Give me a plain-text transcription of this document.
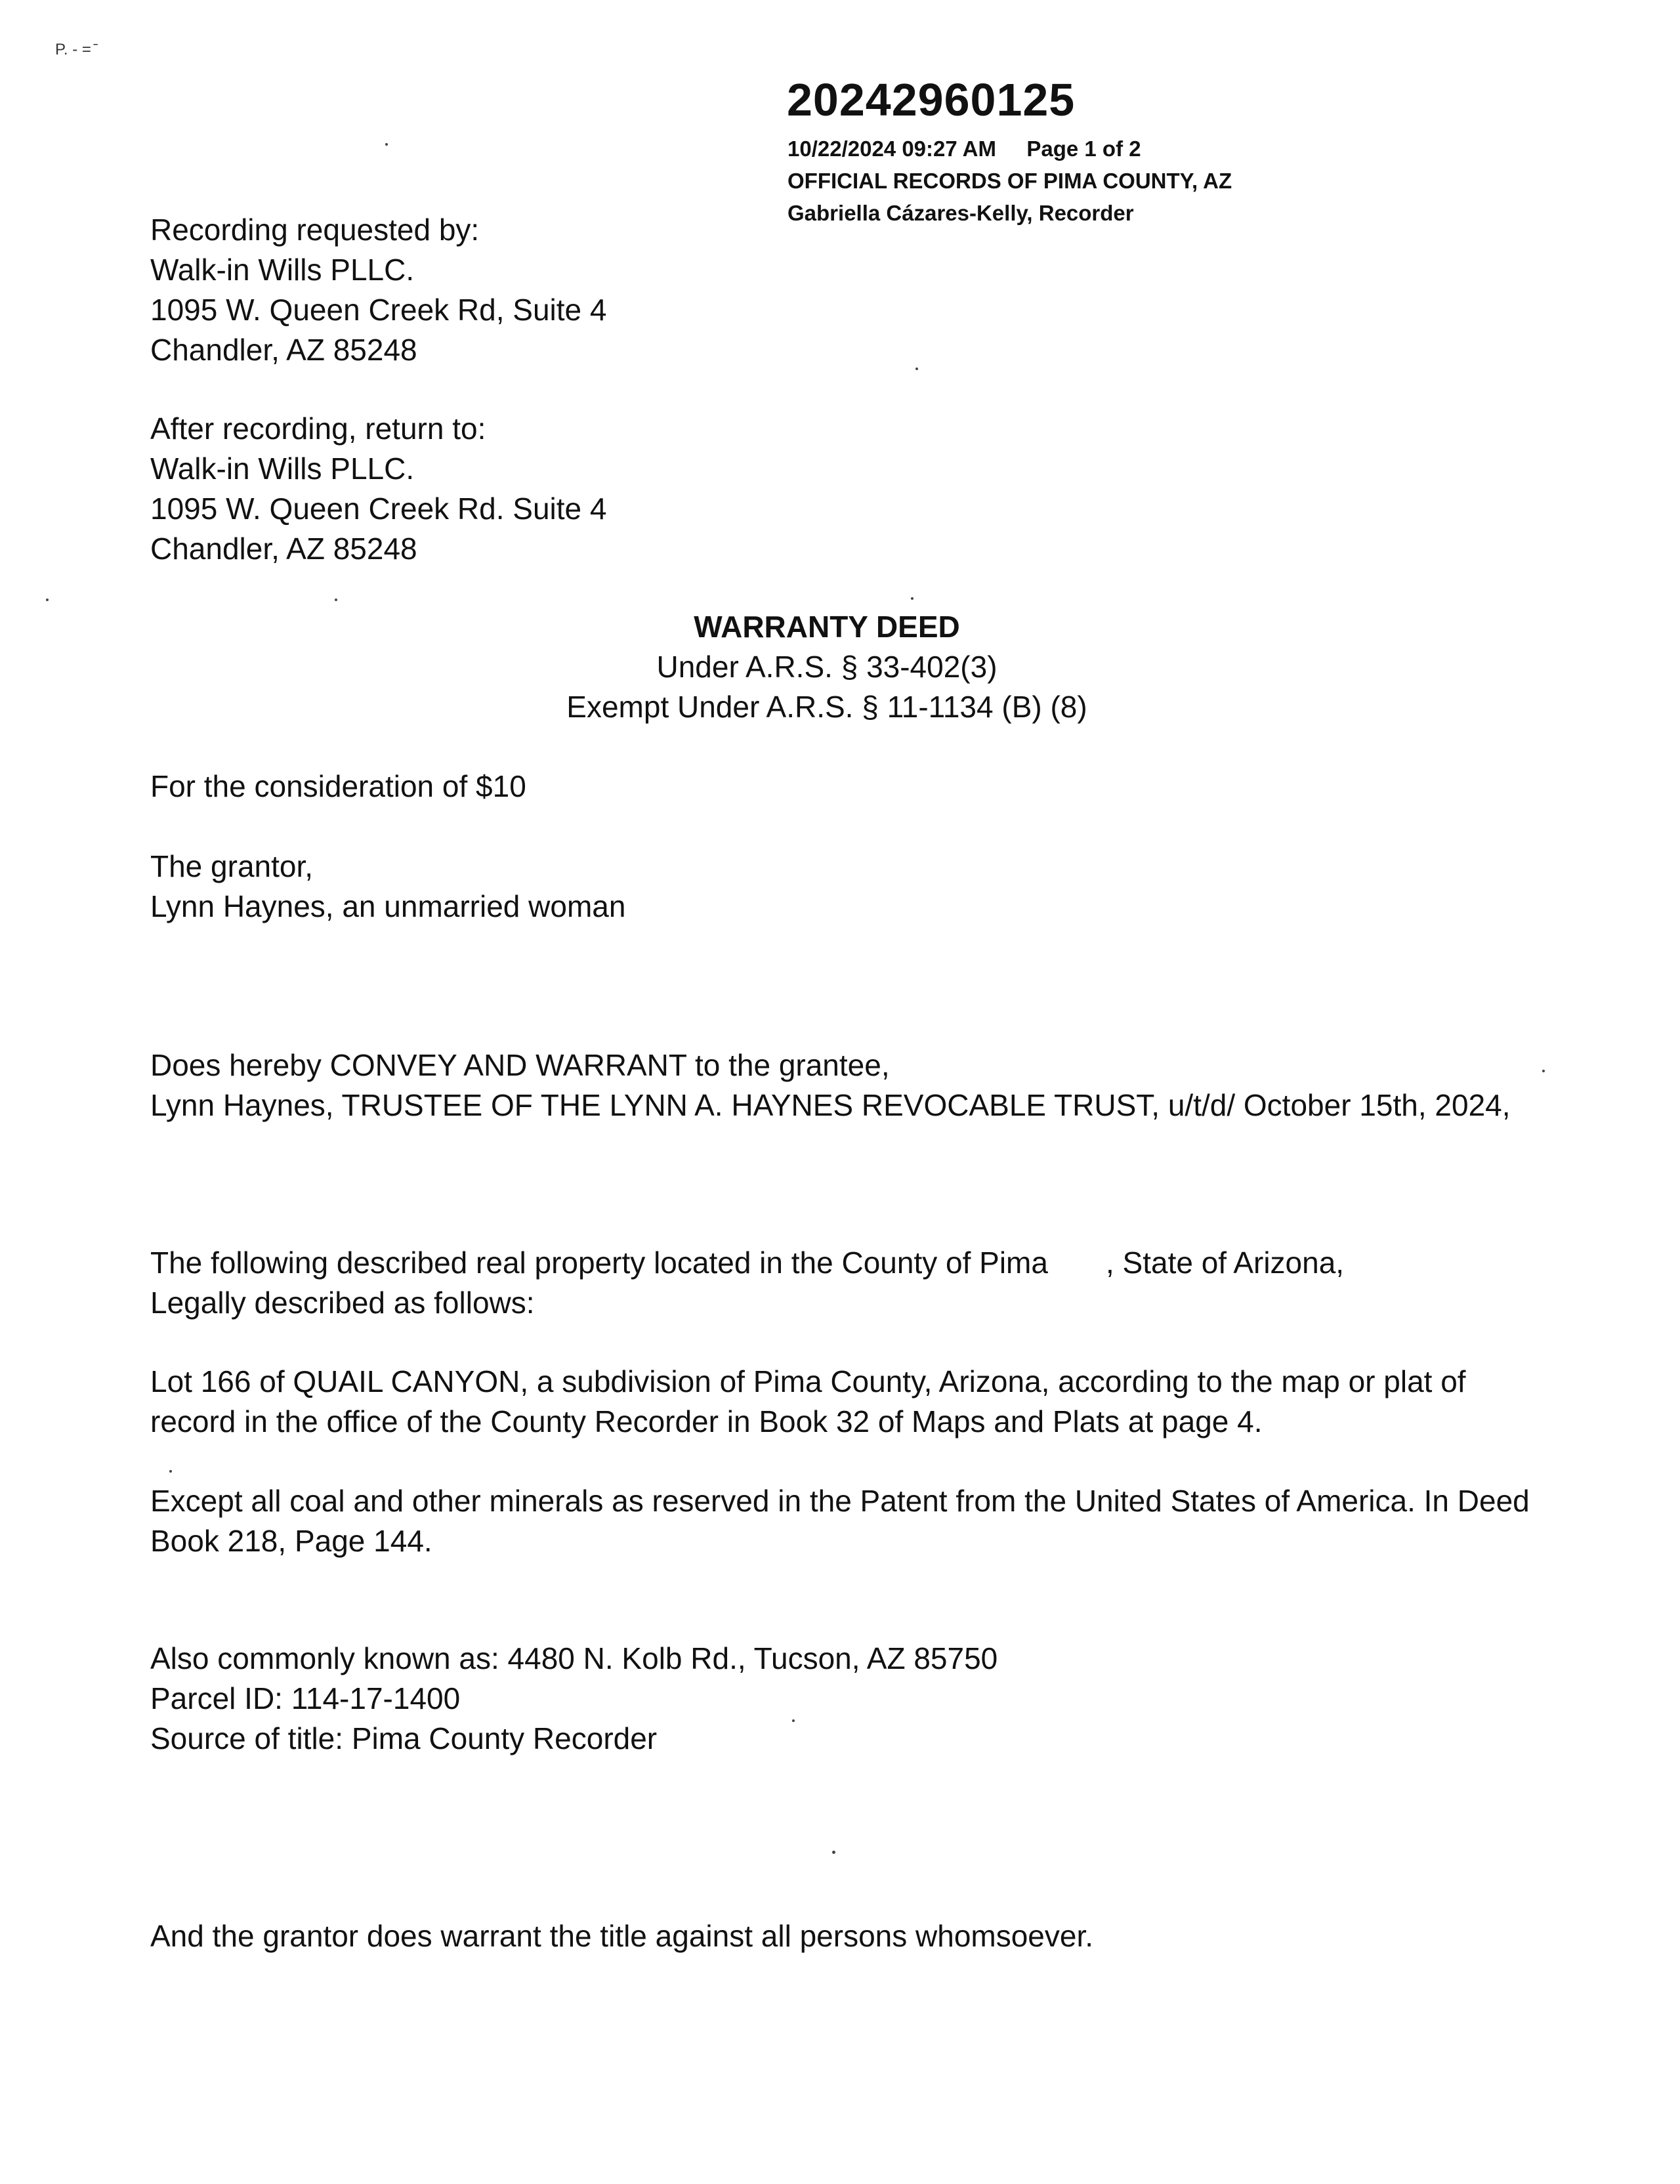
P. - = ̄
20242960125
10/22/2024 09:27 AM Page 1 of 2
OFFICIAL RECORDS OF PIMA COUNTY, AZ
Gabriella Cázares-Kelly, Recorder
Recording requested by:
Walk-in Wills PLLC.
1095 W. Queen Creek Rd, Suite 4
Chandler, AZ 85248
After recording, return to:
Walk-in Wills PLLC.
1095 W. Queen Creek Rd. Suite 4
Chandler, AZ 85248
WARRANTY DEED
Under A.R.S. § 33-402(3)
Exempt Under A.R.S. § 11-1134 (B) (8)
For the consideration of $10
The grantor,
Lynn Haynes, an unmarried woman
Does hereby CONVEY AND WARRANT to the grantee,
Lynn Haynes, TRUSTEE OF THE LYNN A. HAYNES REVOCABLE TRUST, u/t/d/ October 15th, 2024,
The following described real property located in the County of Pima , State of Arizona,
Legally described as follows:
Lot 166 of QUAIL CANYON, a subdivision of Pima County, Arizona, according to the map or plat of
record in the office of the County Recorder in Book 32 of Maps and Plats at page 4.
Except all coal and other minerals as reserved in the Patent from the United States of America. In Deed
Book 218, Page 144.
Also commonly known as: 4480 N. Kolb Rd., Tucson, AZ 85750
Parcel ID: 114-17-1400
Source of title: Pima County Recorder
And the grantor does warrant the title against all persons whomsoever.
